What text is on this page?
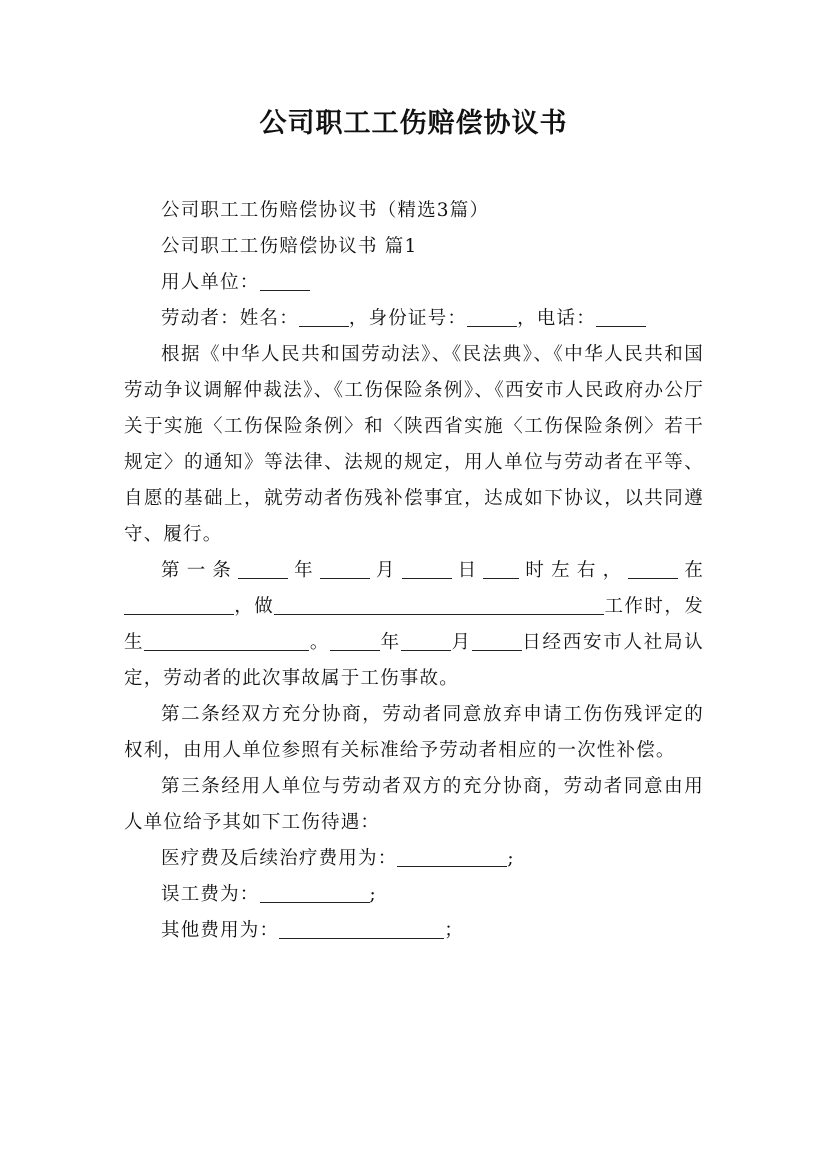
公司职工工伤赔偿协议书

公司职工工伤赔偿协议书（精选3篇）

公司职工工伤赔偿协议书 篇1

用人单位：

劳动者：姓名：	，身份证号：	，电话：

根据《中华人民共和国劳动法》、《民法典》、《中华人民共和国劳动争议调解仲裁法》、《工伤保险条例》、《西安市人民政府办公厅关于实施〈工伤保险条例〉和〈陕西省实施〈工伤保险条例〉若干规定〉的通知》等法律、法规的规定，用人单位与劳动者在平等、自愿的基础上，就劳动者伤残补偿事宜，达成如下协议，以共同遵守、履行。

第一条	年	月	日 时左右，	在，做	工作时，发生	。	年	月	日经西安市人社局认定，劳动者的此次事故属于工伤事故。

第二条经双方充分协商，劳动者同意放弃申请工伤伤残评定的权利，由用人单位参照有关标准给予劳动者相应的一次性补偿。

第三条经用人单位与劳动者双方的充分协商，劳动者同意由用人单位给予其如下工伤待遇：

医疗费及后续治疗费用为：	;

误工费为：	;

其他费用为：	；
